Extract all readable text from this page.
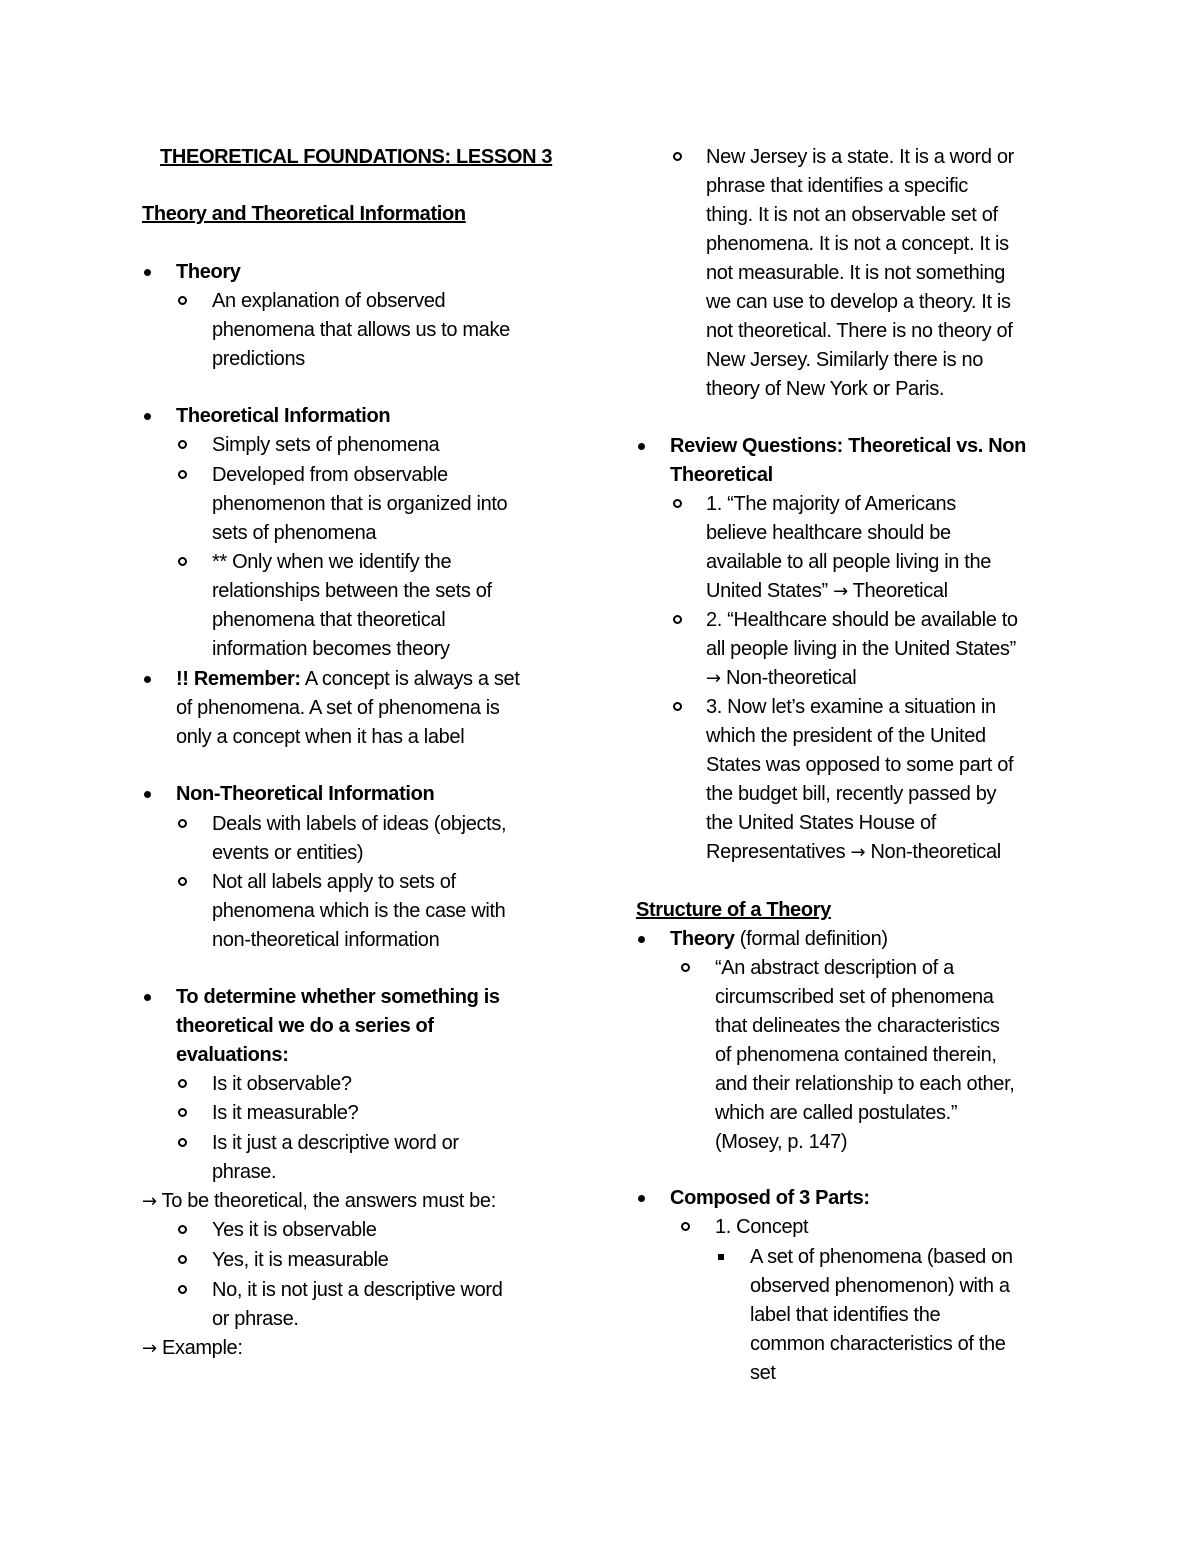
THEORETICAL FOUNDATIONS: LESSON 3
Theory and Theoretical Information
Theory
An explanation of observed
phenomena that allows us to make
predictions
Theoretical Information
Simply sets of phenomena
Developed from observable
phenomenon that is organized into
sets of phenomena
** Only when we identify the
relationships between the sets of
phenomena that theoretical
information becomes theory
!! Remember: A concept is always a set
of phenomena. A set of phenomena is
only a concept when it has a label
Non-Theoretical Information
Deals with labels of ideas (objects,
events or entities)
Not all labels apply to sets of
phenomena which is the case with
non-theoretical information
To determine whether something is
theoretical we do a series of
evaluations:
Is it observable?
Is it measurable?
Is it just a descriptive word or
phrase.
→ To be theoretical, the answers must be:
Yes it is observable
Yes, it is measurable
No, it is not just a descriptive word
or phrase.
→ Example:
New Jersey is a state. It is a word or
phrase that identifies a specific
thing. It is not an observable set of
phenomena. It is not a concept. It is
not measurable. It is not something
we can use to develop a theory. It is
not theoretical. There is no theory of
New Jersey. Similarly there is no
theory of New York or Paris.
Review Questions: Theoretical vs. Non
Theoretical
1. “The majority of Americans
believe healthcare should be
available to all people living in the
United States” → Theoretical
2. “Healthcare should be available to
all people living in the United States”
→ Non-theoretical
3. Now let’s examine a situation in
which the president of the United
States was opposed to some part of
the budget bill, recently passed by
the United States House of
Representatives → Non-theoretical
Structure of a Theory
Theory (formal definition)
“An abstract description of a
circumscribed set of phenomena
that delineates the characteristics
of phenomena contained therein,
and their relationship to each other,
which are called postulates.”
(Mosey, p. 147)
Composed of 3 Parts:
1. Concept
A set of phenomena (based on
observed phenomenon) with a
label that identifies the
common characteristics of the
set
